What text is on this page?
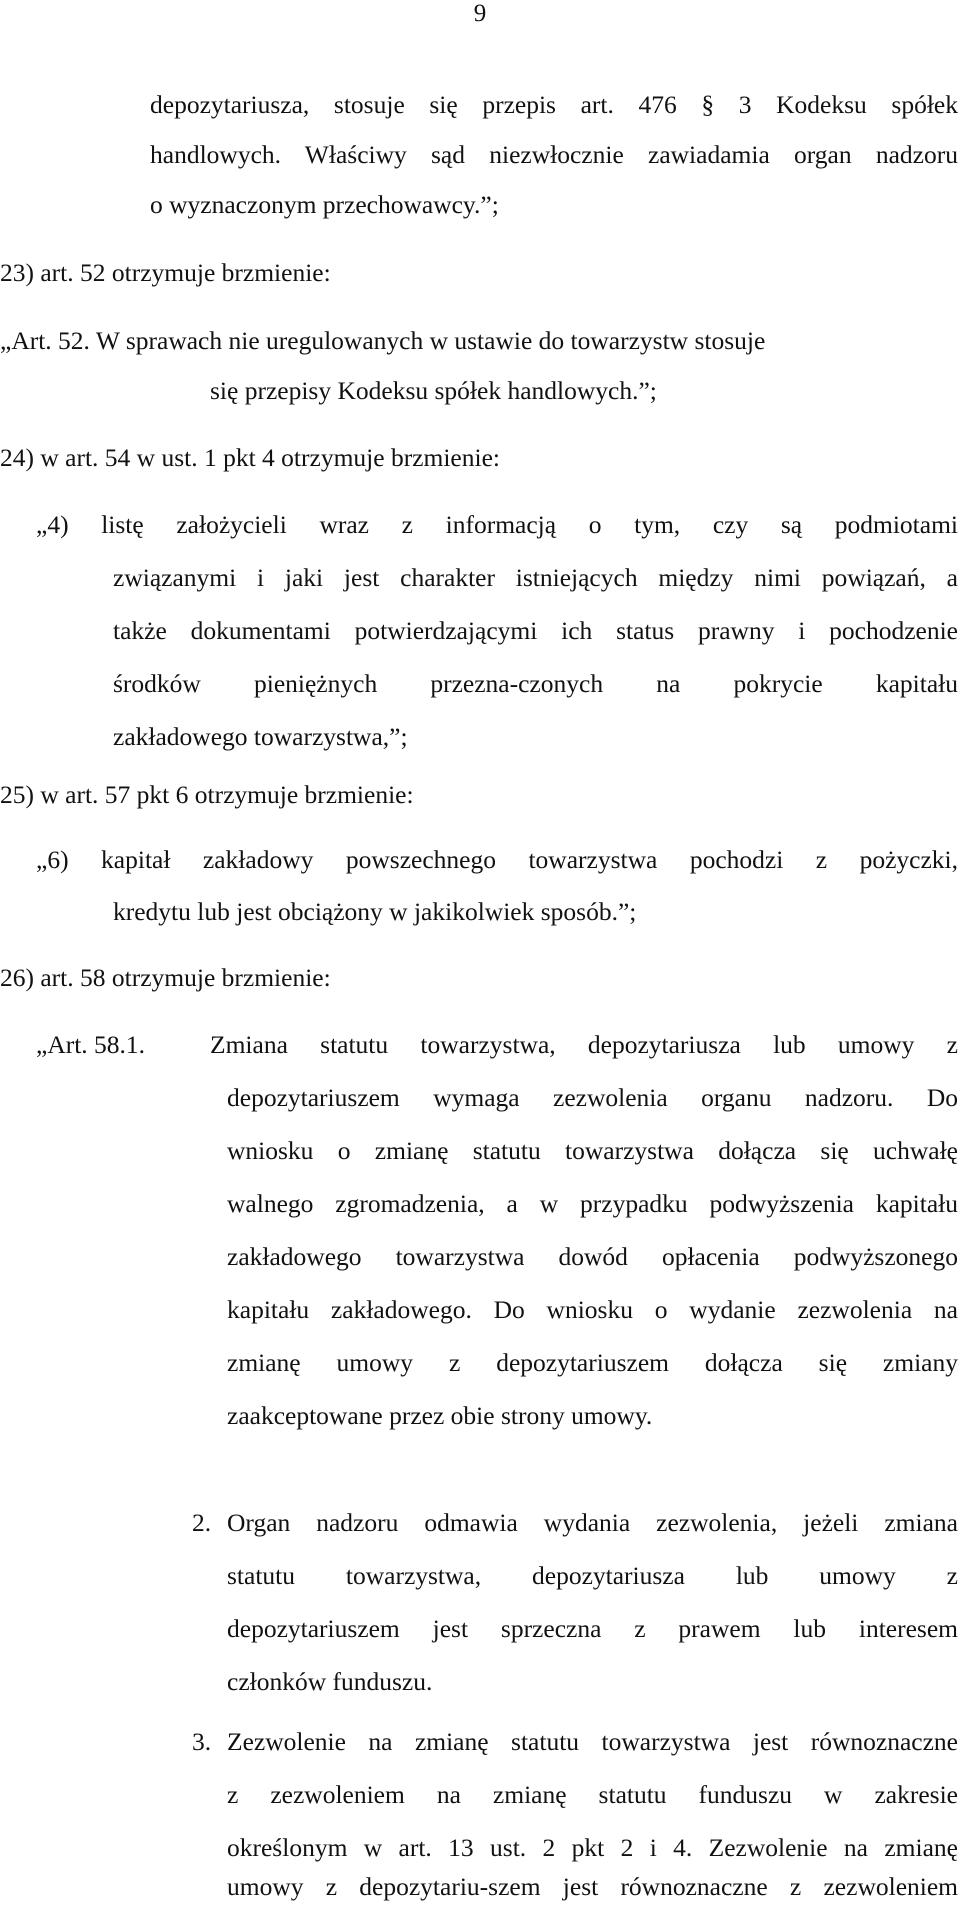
9
depozytariusza, stosuje się przepis art. 476 § 3 Kodeksu spółek
handlowych. Właściwy sąd niezwłocznie zawiadamia organ nadzoru
o wyznaczonym przechowawcy.”;
23) art. 52 otrzymuje brzmienie:
„Art. 52. W sprawach nie uregulowanych w ustawie do towarzystw stosuje
się przepisy Kodeksu spółek handlowych.”;
24) w art. 54 w ust. 1 pkt 4 otrzymuje brzmienie:
„4) listę założycieli wraz z informacją o tym, czy są podmiotami
związanymi i jaki jest charakter istniejących między nimi powiązań, a
także dokumentami potwierdzającymi ich status prawny i pochodzenie
środków pieniężnych przezna-czonych na pokrycie kapitału
zakładowego towarzystwa,”;
25) w art. 57 pkt 6 otrzymuje brzmienie:
„6) kapitał zakładowy powszechnego towarzystwa pochodzi z pożyczki,
kredytu lub jest obciążony w jakikolwiek sposób.”;
26) art. 58 otrzymuje brzmienie:
„Art. 58.1.	Zmiana statutu towarzystwa, depozytariusza lub umowy z
depozytariuszem wymaga zezwolenia organu nadzoru. Do
wniosku o zmianę statutu towarzystwa dołącza się uchwałę
walnego zgromadzenia, a w przypadku podwyższenia kapitału
zakładowego towarzystwa dowód opłacenia podwyższonego
kapitału zakładowego. Do wniosku o wydanie zezwolenia na
zmianę umowy z depozytariuszem dołącza się zmiany
zaakceptowane przez obie strony umowy.
2. Organ nadzoru odmawia wydania zezwolenia, jeżeli zmiana
statutu towarzystwa, depozytariusza lub umowy z
depozytariuszem jest sprzeczna z prawem lub interesem
członków funduszu.
3. Zezwolenie na zmianę statutu towarzystwa jest równoznaczne
z zezwoleniem na zmianę statutu funduszu w zakresie
określonym w art. 13 ust. 2 pkt 2 i 4. Zezwolenie na zmianę
umowy z depozytariu-szem jest równoznaczne z zezwoleniem
